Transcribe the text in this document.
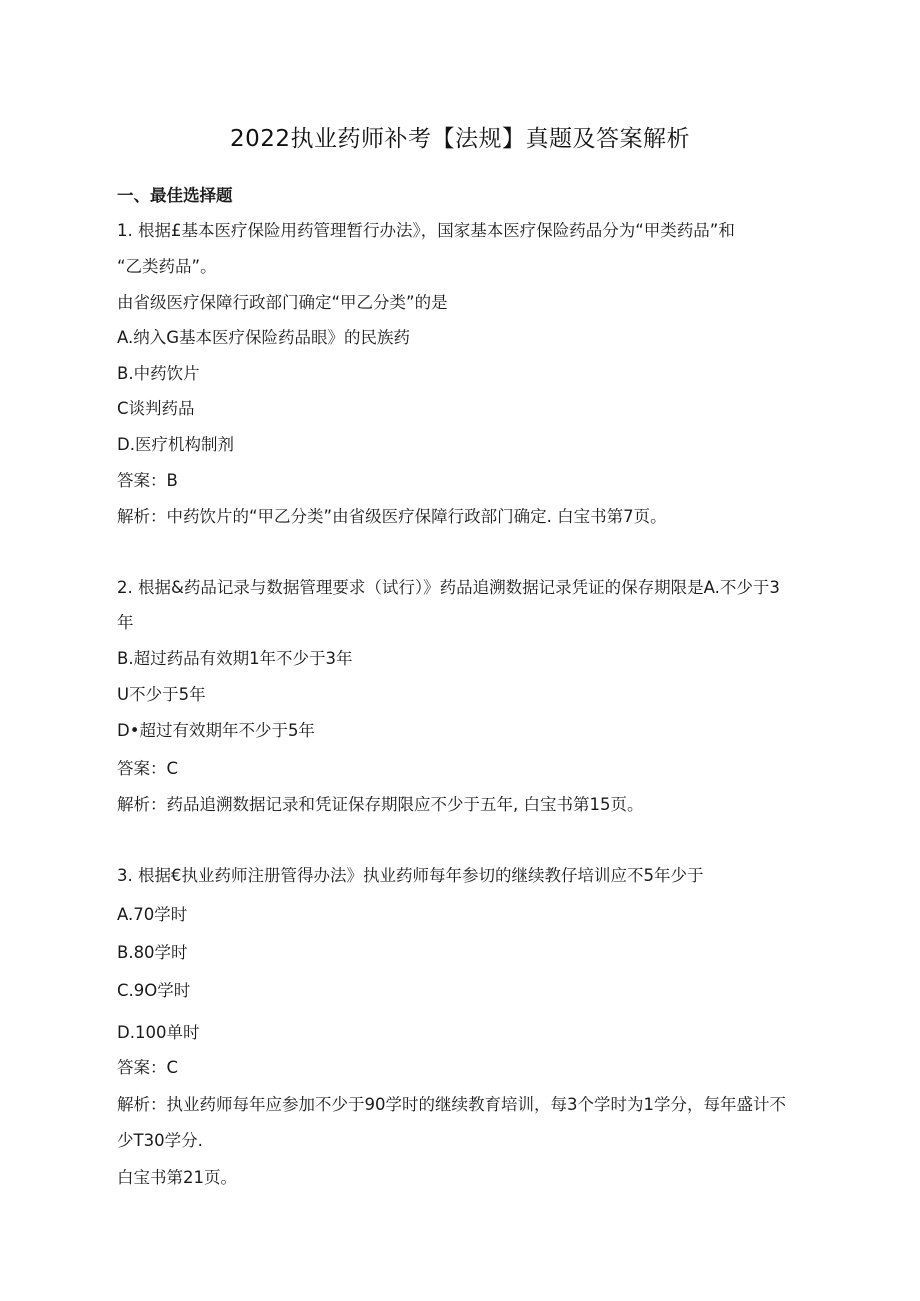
2022执业药师补考【法规】真题及答案解析
一、最佳选择题
1. 根据£基本医疗保险用药管理暂行办法》，国家基本医疗保险药品分为“甲类药品”和
“乙类药品”。
由省级医疗保障行政部门确定“甲乙分类”的是
A.纳入G基本医疗保险药品眼》的民族药
B.中药饮片
C谈判药品
D.医疗机构制剂
答案：B
解析：中药饮片的“甲乙分类”由省级医疗保障行政部门确定. 白宝书第7页。
2. 根据&药品记录与数据管理要求（试行）》药品追溯数据记录凭证的保存期限是A.不少于3
年
B.超过药品有效期1年不少于3年
U不少于5年
D•超过有效期年不少于5年
答案：C
解析：药品追溯数据记录和凭证保存期限应不少于五年, 白宝书第15页。
3. 根据€执业药师注册管得办法》执业药师每年参切的继续教仔培训应不5年少于
A.70学时
B.80学时
C.9O学时
D.100单时
答案：C
解析：执业药师每年应参加不少于90学时的继续教育培训，每3个学时为1学分，每年盛计不
少T30学分.
白宝书第21页。
